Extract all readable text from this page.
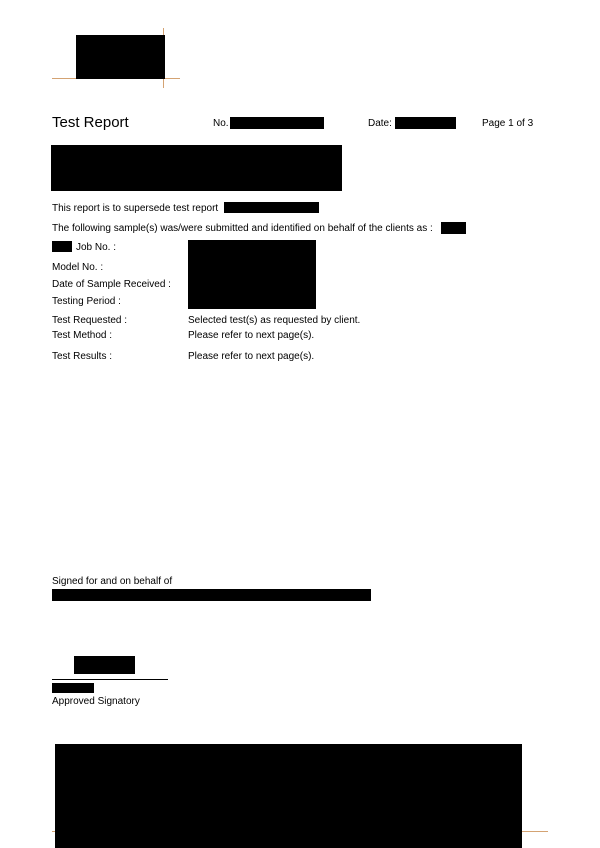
Test Report	No.	Date:	Page 1 of 3
This report is to supersede test report
The following sample(s) was/were submitted and identified on behalf of the clients as :
Job No. :
Model No. :
Date of Sample Received :
Testing Period :
Test Requested :	Selected test(s) as requested by client.
Test Method :	Please refer to next page(s).
Test Results :	Please refer to next page(s).
Signed for and on behalf of
Approved Signatory
